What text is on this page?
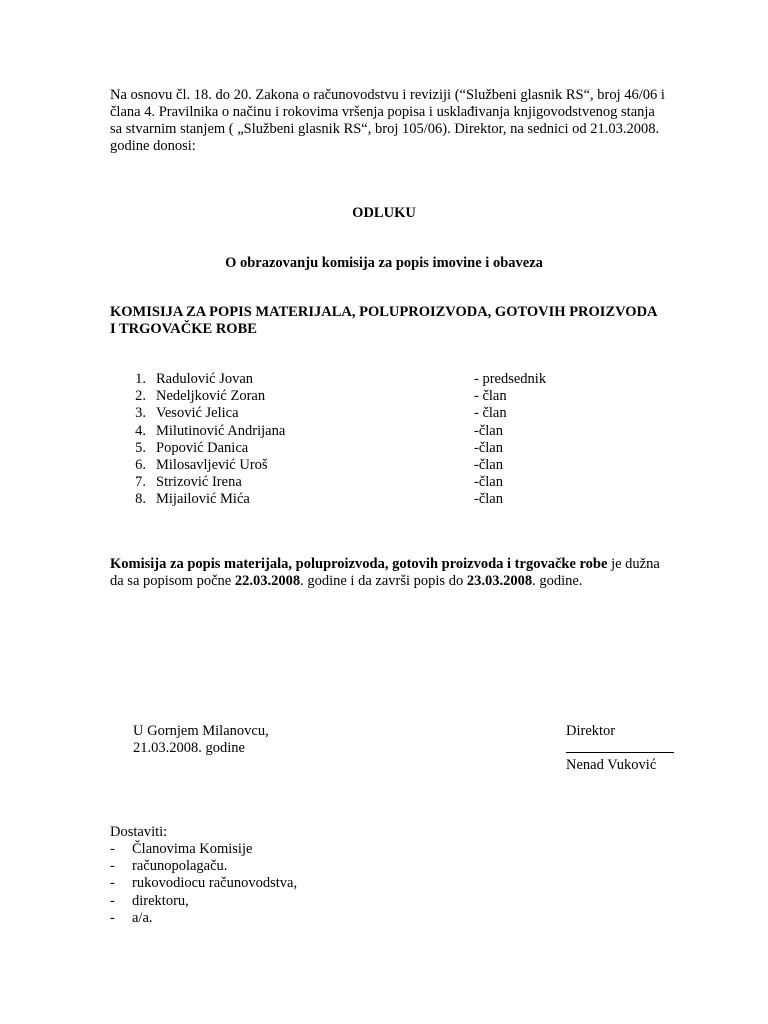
Na osnovu čl. 18. do 20. Zakona o računovodstvu i reviziji (“Službeni glasnik RS“, broj 46/06 i
člana 4. Pravilnika o načinu i rokovima vršenja popisa i usklađivanja knjigovodstvenog stanja
sa stvarnim stanjem ( „Službeni glasnik RS“, broj 105/06). Direktor, na sednici od 21.03.2008.
godine donosi:
ODLUKU
O obrazovanju komisija za popis imovine i obaveza
KOMISIJA ZA POPIS MATERIJALA, POLUPROIZVODA, GOTOVIH PROIZVODA
I TRGOVAČKE ROBE
1. Radulović Jovan	- predsednik
2. Nedeljković Zoran	- član
3. Vesović Jelica	- član
4. Milutinović Andrijana	-član
5. Popović Danica	-član
6. Milosavljević Uroš	-član
7. Strizović Irena	-član
8. Mijailović Mića	-član
Komisija za popis materijala, poluproizvoda, gotovih proizvoda i trgovačke robe je dužna
da sa popisom počne 22.03.2008. godine i da završi popis do 23.03.2008. godine.
U Gornjem Milanovcu,
21.03.2008. godine
Direktor
Nenad Vuković
Dostaviti:
- Članovima Komisije
- računopolagaču.
- rukovodiocu računovodstva,
- direktoru,
- a/a.
